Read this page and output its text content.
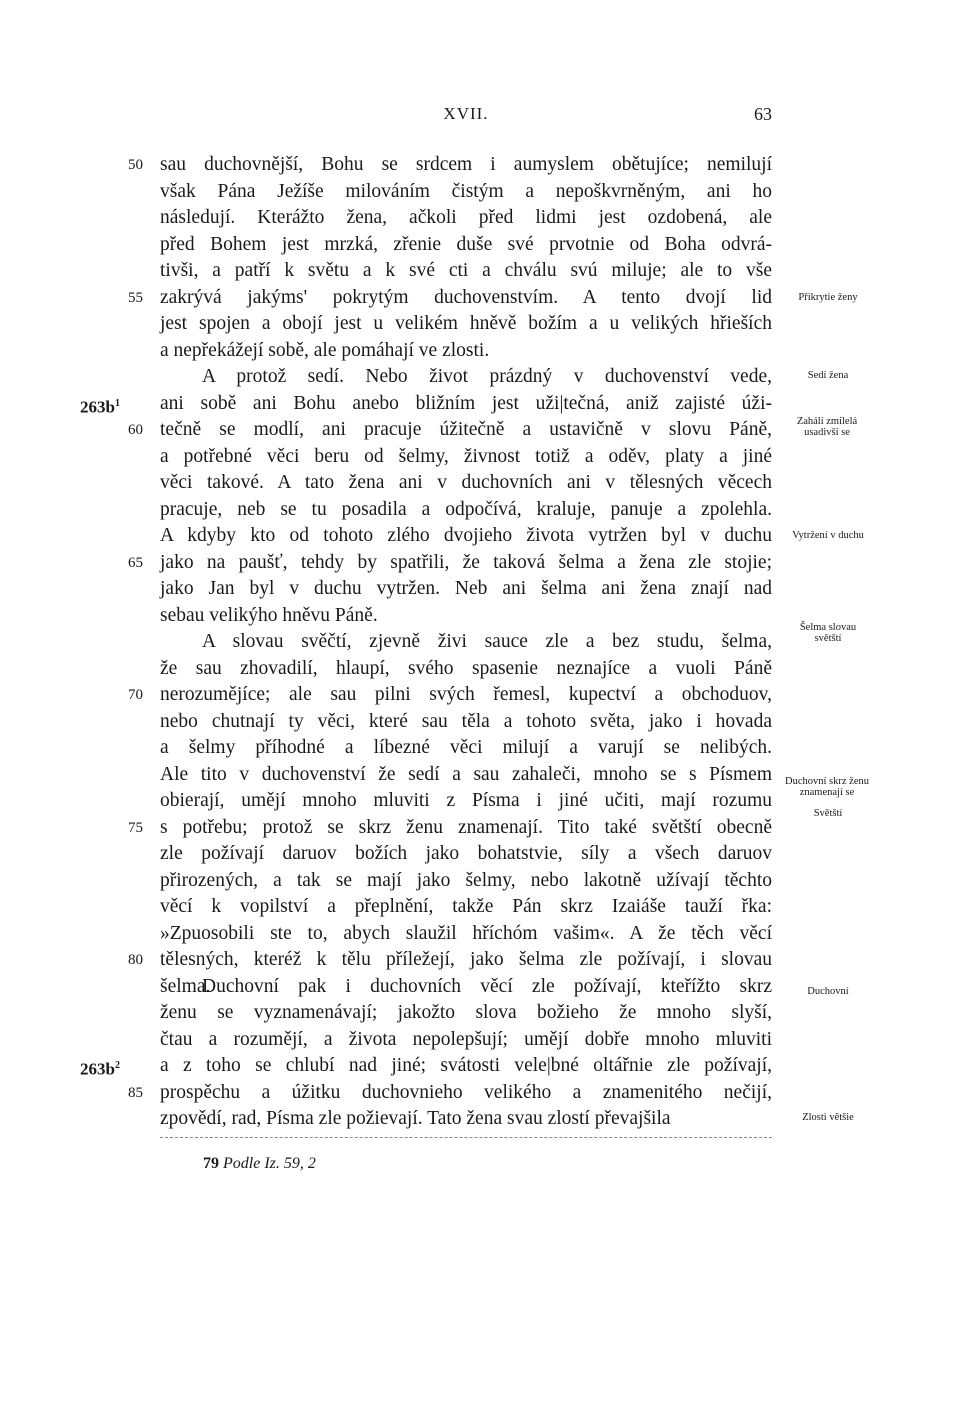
XVII.	63
sau duchovnější, Bohu se srdcem i aumyslem obětujíce; nemilují
však Pána Ježíše milováním čistým a nepoškvrněným, ani ho
následují. Kterážto žena, ačkoli před lidmi jest ozdobená, ale
před Bohem jest mrzká, zřenie duše své prvotnie od Boha odvrá-
tivši, a patří k světu a k své cti a chválu svú miluje; ale to vše
zakrývá jakýms' pokrytým duchovenstvím. A tento dvojí lid
jest spojen a obojí jest u velikém hněvě božím a u velikých hřieších
a nepřekážejí sobě, ale pomáhají ve zlosti.
A protož sedí. Nebo život prázdný v duchovenství vede,
ani sobě ani Bohu anebo bližním jest uži|tečná, aniž zajisté úži-
tečně se modlí, ani pracuje úžitečně a ustavičně v slovu Páně,
a potřebné věci beru od šelmy, živnost totiž a oděv, platy a jiné
věci takové. A tato žena ani v duchovních ani v tělesných věcech
pracuje, neb se tu posadila a odpočívá, kraluje, panuje a zpolehla.
A kdyby kto od tohoto zlého dvojieho života vytržen byl v duchu
jako na paušť, tehdy by spatřili, že taková šelma a žena zle stojie;
jako Jan byl v duchu vytržen. Neb ani šelma ani žena znají nad
sebau velikýho hněvu Páně.
A slovau svěčtí, zjevně živi sauce zle a bez studu, šelma,
že sau zhovadilí, hlaupí, svého spasenie neznajíce a vuoli Páně
nerozumějíce; ale sau pilni svých řemesl, kupectví a obchoduov,
nebo chutnají ty věci, které sau těla a tohoto světa, jako i hovada
a šelmy příhodné a líbezné věci milují a varují se nelibých.
Ale tito v duchovenství že sedí a sau zahaleči, mnoho se s Písmem
obierají, umějí mnoho mluviti z Písma i jiné učiti, mají rozumu
s potřebu; protož se skrz ženu znamenají. Tito také světští obecně
zle požívají daruov božích jako bohatstvie, síly a všech daruov
přirozených, a tak se mají jako šelmy, nebo lakotně užívají těchto
věcí k vopilství a přeplnění, takže Pán skrz Izaiáše tauží řka:
»Zpuosobili ste to, abych slaužil hříchóm vašim«. A že těch věcí
tělesných, kteréž k tělu příležejí, jako šelma zle požívají, i slovau
šelma.
Duchovní pak i duchovních věcí zle požívají, kteřížto skrz
ženu se vyznamenávají; jakožto slova božieho že mnoho slyší,
čtau a rozumějí, a života nepolepšují; umějí dobře mnoho mluviti
a z toho se chlubí nad jiné; svátosti vele|bné oltářnie zle požívají,
prospěchu a úžitku duchovnieho velikého a znamenitého nečijí,
zpovědí, rad, Písma zle požievají. Tato žena svau zlostí převajšila
50
55
60
65
70
75
80
85
$263b^1$
$263b^2$
Přikrytie ženy
Sedí žena
Zahálí zmilelá usadivši se
Vytržení v duchu
Šelma slovau světští
Duchovní skrz ženu znamenají se
Světští
Duchovní
Zlosti většie
79 Podle Iz. 59, 2
